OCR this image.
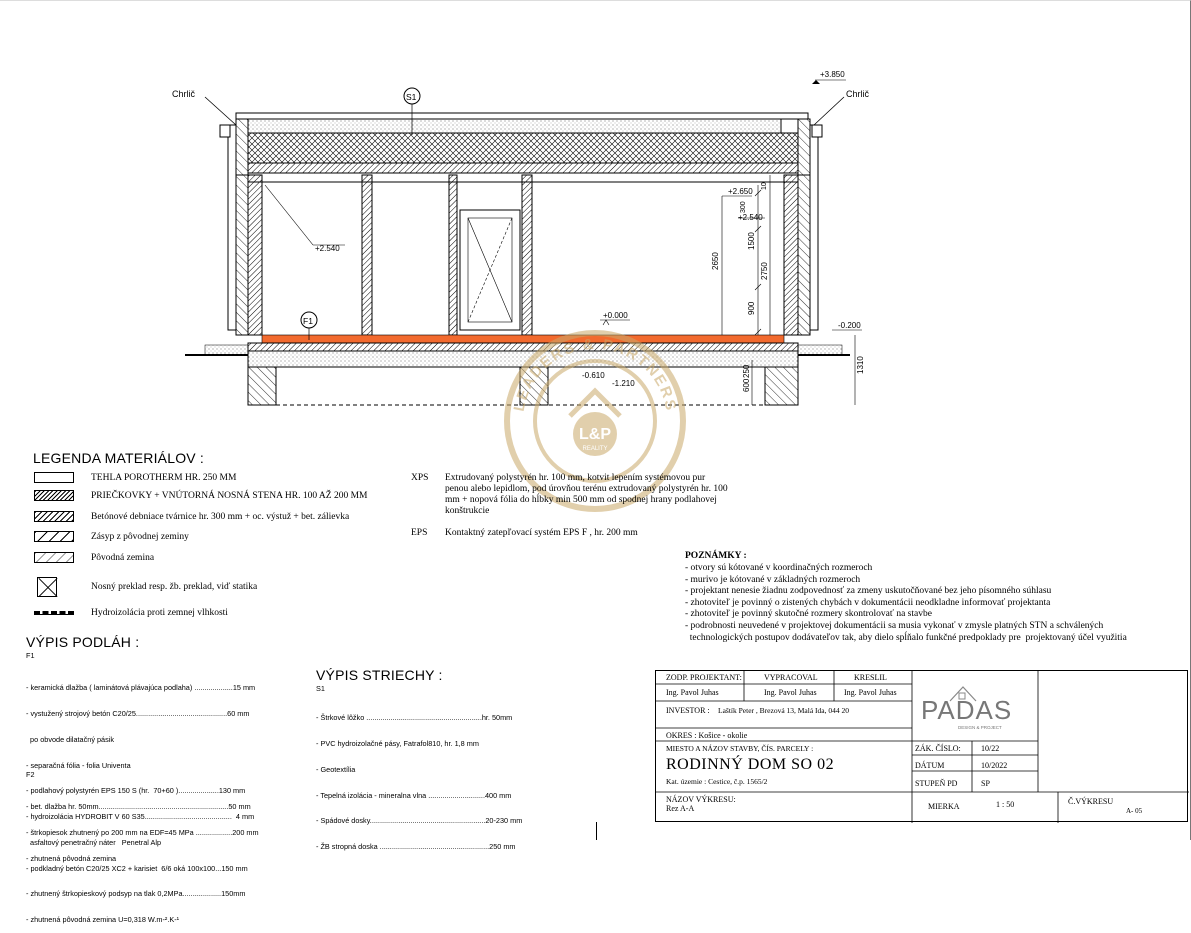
Chrlič	Chrlič
S1
F1
+3.850
+2.650
+2.540
+2.540
+0.000
-0.200
-0.610
-1.210
2650
1500
2750
900
600
250	1310
300
10
LEADERS & PARTNERS
L&P
REALITY
LEGENDA MATERIÁLOV :
TEHLA POROTHERM HR. 250 MM
PRIEČKOVKY + VNÚTORNÁ NOSNÁ STENA HR. 100 AŽ 200 MM
Betónové debniace tvárnice hr. 300 mm + oc. výstuž + bet. zálievka
Zásyp z pôvodnej zeminy
Pôvodná zemina
Nosný preklad resp. žb. preklad, viď statika
Hydroizolácia proti zemnej vlhkosti
XPS Extrudovaný polystyrén hr. 100 mm, kotvit lepením systémovou pur penou alebo lepidlom, pod úrovňou terénu extrudovaný polystyrén hr. 100 mm + nopová fólia do hĺbky min 500 mm od spodnej hrany podlahovej konštrukcie
EPS Kontaktný zatepľovací systém EPS F , hr. 200 mm
POZNÁMKY :
- otvory sú kótované v koordinačných rozmeroch
- murivo je kótované v základných rozmeroch
- projektant nenesie žiadnu zodpovednosť za zmeny uskutočňované bez jeho písomného súhlasu
- zhotoviteľ je povinný o zistených chybách v dokumentácii neodkladne informovať projektanta
- zhotoviteľ je povinný skutočné rozmery skontrolovať na stavbe
- podrobnosti neuvedené v projektovej dokumentácii sa musia vykonať v zmysle platných STN a schválených
technologických postupov dodávateľov tak, aby dielo spĺňalo funkčné predpoklady pre  projektovaný účel využitia
VÝPIS PODLÁH :
F1

- keramická dlažba ( laminátová plávajúca podlaha) ...................15 mm

- vystužený strojový betón C20/25.............................................60 mm

po obvode dilatačný pásik

- separačná fólia - folia Univenta

- podlahový polystyrén EPS 150 S (hr.  70+60 )....................130 mm

- hydroizolácia HYDROBIT V 60 S35...........................................  4 mm

asfaltový penetračný náter   Penetral Alp

- podkladný betón C20/25 XC2 + karisiet  6/6 oká 100x100...150 mm

- zhutnený štrkopieskový podsyp na tlak 0,2MPa...................150mm

- zhutnená pôvodná zemina U=0,318 W.m-².K-¹

F2

- bet. dlažba hr. 50mm................................................................50 mm

- štrkopiesok zhutnený po 200 mm na EDF=45 MPa ..................200 mm

- zhutnená pôvodná zemina

VÝPIS STRIECHY :
S1

- Štrkové lôžko .........................................................hr. 50mm

- PVC hydroizolačné pásy, Fatrafol810, hr. 1,8 mm

- Geotextília

- Tepelná izolácia - mineralna vlna ............................400 mm

- Spádové dosky.........................................................20-230 mm

- ŽB stropná doska ......................................................250 mm

ZODP. PROJEKTANT:	VYPRACOVAL	KRESLIL
Ing. Pavol Juhas	Ing. Pavol Juhas	Ing. Pavol Juhas
INVESTOR : Laštík Peter , Brezová 13, Malá Ida, 044 20
OKRES : Košice - okolie
MIESTO A NÁZOV STAVBY, ČÍS. PARCELY :
RODINNÝ DOM SO 02
Kat. územie : Cestice, č.p. 1565/2
NÁZOV VÝKRESU:
Rez A-A
ZÁK. ČÍSLO:	10/22
DÁTUM	10/2022
STUPEŇ PD	SP
MIERKA	1 : 50	Č.VÝKRESU
A- 05
PADAS
DESIGN & PROJECT
